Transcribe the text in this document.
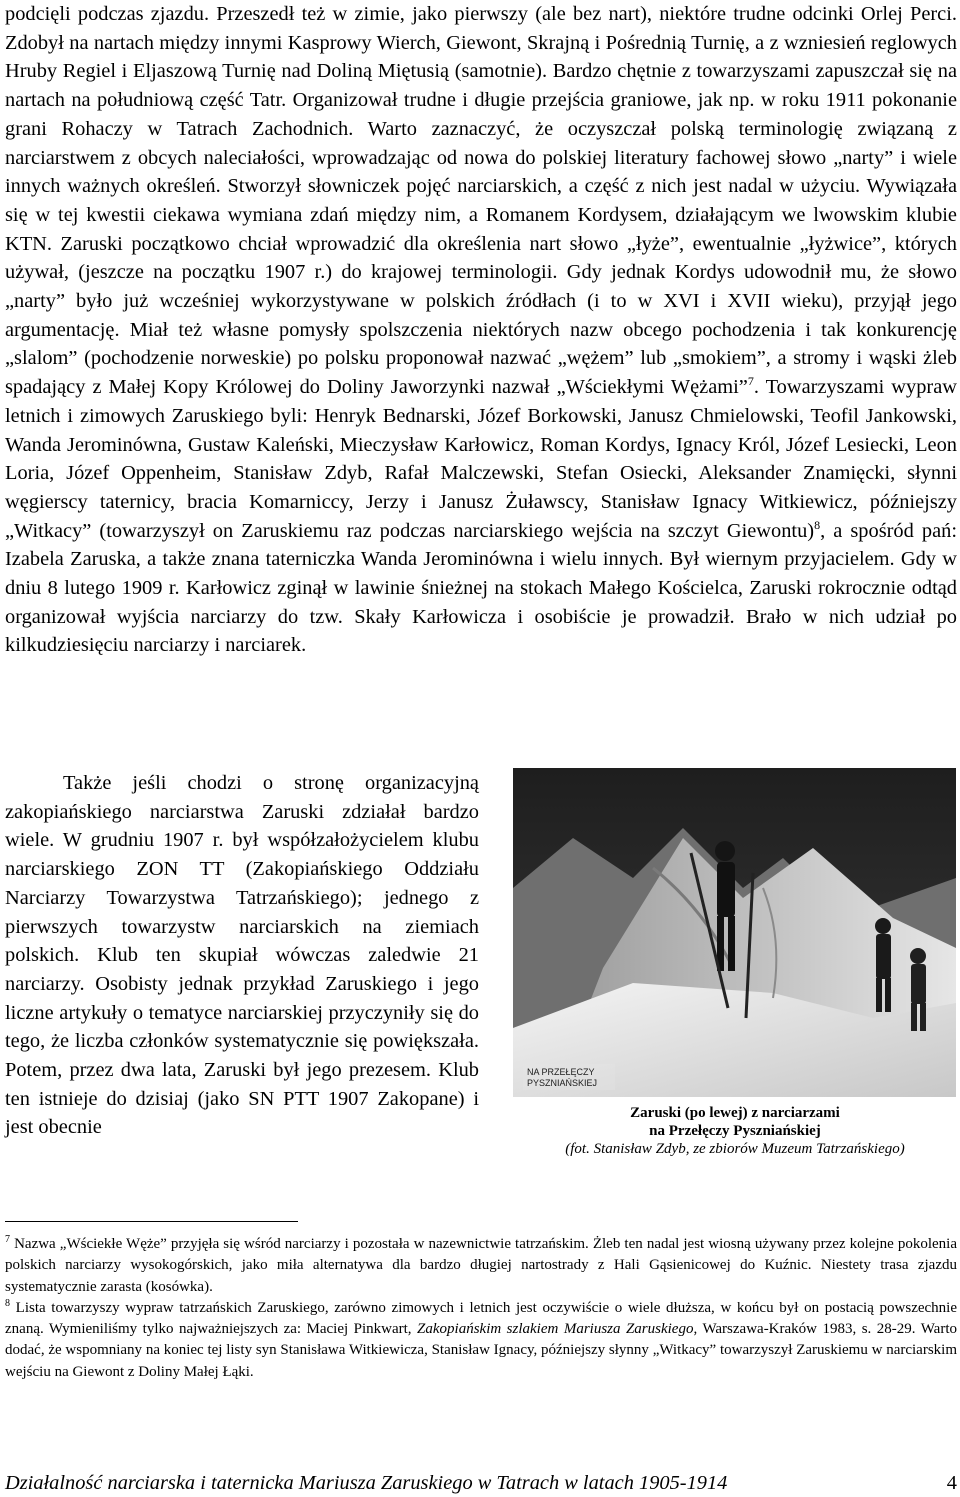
podcięli podczas zjazdu. Przeszedł też w zimie, jako pierwszy (ale bez nart), niektóre trudne odcinki Orlej Perci. Zdobył na nartach między innymi Kasprowy Wierch, Giewont, Skrajną i Pośrednią Turnię, a z wzniesień reglowych Hruby Regiel i Eljaszową Turnię nad Doliną Miętusią (samotnie). Bardzo chętnie z towarzyszami zapuszczał się na nartach na południową część Tatr. Organizował trudne i długie przejścia graniowe, jak np. w roku 1911 pokonanie grani Rohaczy w Tatrach Zachodnich. Warto zaznaczyć, że oczyszczał polską terminologię związaną z narciarstwem z obcych naleciałości, wprowadzając od nowa do polskiej literatury fachowej słowo „narty” i wiele innych ważnych określeń. Stworzył słowniczek pojęć narciarskich, a część z nich jest nadal w użyciu. Wywiązała się w tej kwestii ciekawa wymiana zdań między nim, a Romanem Kordysem, działającym we lwowskim klubie KTN. Zaruski początkowo chciał wprowadzić dla określenia nart słowo „łyże”, ewentualnie „łyżwice”, których używał, (jeszcze na początku 1907 r.) do krajowej terminologii. Gdy jednak Kordys udowodnił mu, że słowo „narty” było już wcześniej wykorzystywane w polskich źródłach (i to w XVI i XVII wieku), przyjął jego argumentację. Miał też własne pomysły spolszczenia niektórych nazw obcego pochodzenia i tak konkurencję „slalom” (pochodzenie norweskie) po polsku proponował nazwać „wężem” lub „smokiem”, a stromy i wąski żleb spadający z Małej Kopy Królowej do Doliny Jaworzynki nazwał „Wściekłymi Wężami”$^7$. Towarzyszami wypraw letnich i zimowych Zaruskiego byli: Henryk Bednarski, Józef Borkowski, Janusz Chmielowski, Teofil Jankowski, Wanda Jerominówna, Gustaw Kaleński, Mieczysław Karłowicz, Roman Kordys, Ignacy Król, Józef Lesiecki, Leon Loria, Józef Oppenheim, Stanisław Zdyb, Rafał Malczewski, Stefan Osiecki, Aleksander Znamięcki, słynni węgierscy taternicy, bracia Komarniccy, Jerzy i Janusz Żuławscy, Stanisław Ignacy Witkiewicz, późniejszy „Witkacy” (towarzyszył on Zaruskiemu raz podczas narciarskiego wejścia na szczyt Giewontu)$^8$, a spośród pań: Izabela Zaruska, a także znana taterniczka Wanda Jerominówna i wielu innych. Był wiernym przyjacielem. Gdy w dniu 8 lutego 1909 r. Karłowicz zginął w lawinie śnieżnej na stokach Małego Kościelca, Zaruski rokrocznie odtąd organizował wyjścia narciarzy do tzw. Skały Karłowicza i osobiście je prowadził. Brało w nich udział po kilkudziesięciu narciarzy i narciarek.

Także jeśli chodzi o stronę organizacyjną zakopiańskiego narciarstwa Zaruski zdziałał bardzo wiele. W grudniu 1907 r. był współzałożycielem klubu narciarskiego ZON TT (Zakopiańskiego Oddziału Narciarzy Towarzystwa Tatrzańskiego); jednego z pierwszych towarzystw narciarskich na ziemiach polskich. Klub ten skupiał wówczas zaledwie 21 narciarzy. Osobisty jednak przykład Zaruskiego i jego liczne artykuły o tematyce narciarskiej przyczyniły się do tego, że liczba członków systematycznie się powiększała. Potem, przez dwa lata, Zaruski był jego prezesem. Klub ten istnieje do dzisiaj (jako SN PTT 1907 Zakopane) i jest obecnie

NA PRZEŁĘCZY
PYSZNIAŃSKIEJ
Zaruski (po lewej) z narciarzami
na Przełęczy Pyszniańskiej
(fot. Stanisław Zdyb, ze zbiorów Muzeum Tatrzańskiego)

$^7$ Nazwa „Wściekłe Węże” przyjęła się wśród narciarzy i pozostała w nazewnictwie tatrzańskim. Żleb ten nadal jest wiosną używany przez kolejne pokolenia polskich narciarzy wysokogórskich, jako miła alternatywa dla bardzo długiej nartostrady z Hali Gąsienicowej do Kuźnic. Niestety trasa zjazdu systematycznie zarasta (kosówka).

$^8$ Lista towarzyszy wypraw tatrzańskich Zaruskiego, zarówno zimowych i letnich jest oczywiście o wiele dłuższa, w końcu był on postacią powszechnie znaną. Wymieniliśmy tylko najważniejszych za: Maciej Pinkwart, Zakopiańskim szlakiem Mariusza Zaruskiego, Warszawa-Kraków 1983, s. 28-29. Warto dodać, że wspomniany na koniec tej listy syn Stanisława Witkiewicza, Stanisław Ignacy, późniejszy słynny „Witkacy” towarzyszył Zaruskiemu w narciarskim wejściu na Giewont z Doliny Małej Łąki.

Działalność narciarska i taternicka Mariusza Zaruskiego w Tatrach w latach 1905-1914	4
